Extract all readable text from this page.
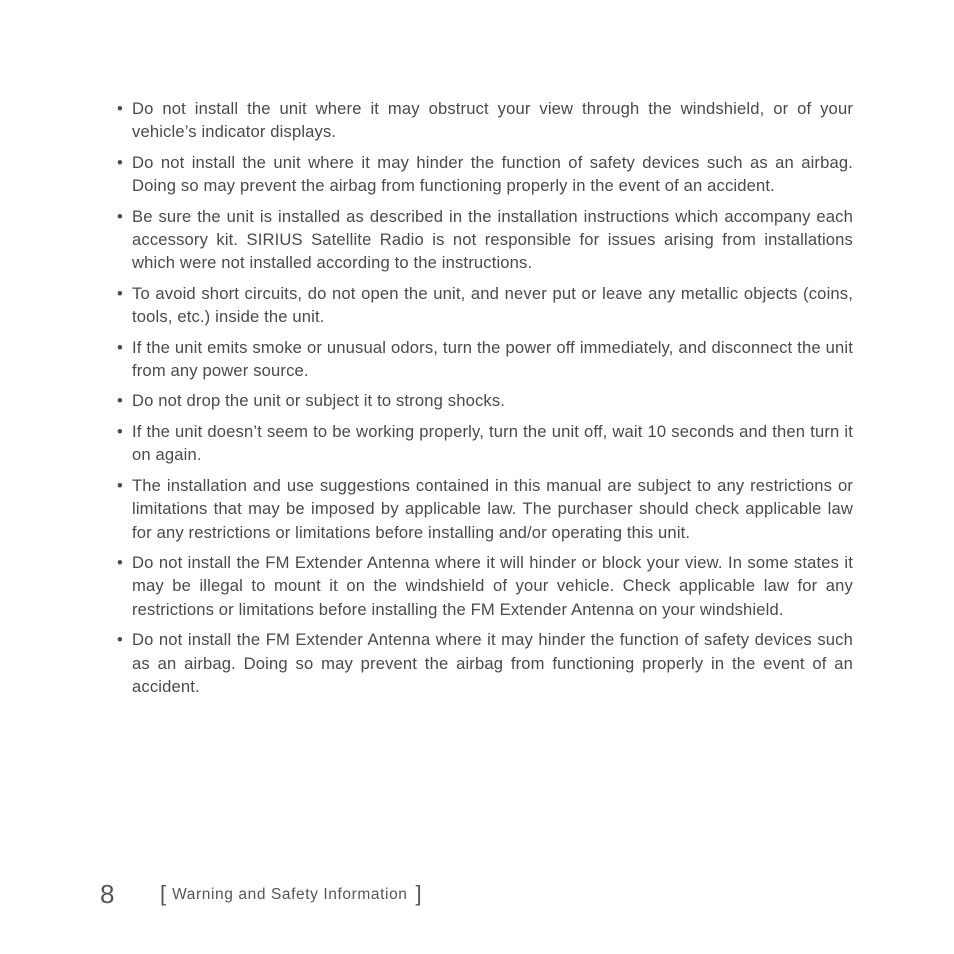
• Do not install the unit where it may obstruct your view through the windshield, or of your vehicle’s indicator displays.
• Do not install the unit where it may hinder the function of safety devices such as an airbag. Doing so may prevent the airbag from functioning properly in the event of an accident.
• Be sure the unit is installed as described in the installation instructions which accompany each accessory kit. SIRIUS Satellite Radio is not responsible for issues arising from installations which were not installed according to the instructions.
• To avoid short circuits, do not open the unit, and never put or leave any metallic objects (coins, tools, etc.) inside the unit.
• If the unit emits smoke or unusual odors, turn the power off immediately, and disconnect the unit from any power source.
• Do not drop the unit or subject it to strong shocks.
• If the unit doesn’t seem to be working properly, turn the unit off, wait 10 seconds and then turn it on again.
• The installation and use suggestions contained in this manual are subject to any restrictions or limitations that may be imposed by applicable law. The purchaser should check applicable law for any restrictions or limitations before installing and/or operating this unit.
• Do not install the FM Extender Antenna where it will hinder or block your view. In some states it may be illegal to mount it on the windshield of your vehicle. Check applicable law for any restrictions or limitations before installing the FM Extender Antenna on your windshield.
• Do not install the FM Extender Antenna where it may hinder the function of safety devices such as an airbag. Doing so may prevent the airbag from functioning properly in the event of an accident.
8	[ Warning and Safety Information ]
